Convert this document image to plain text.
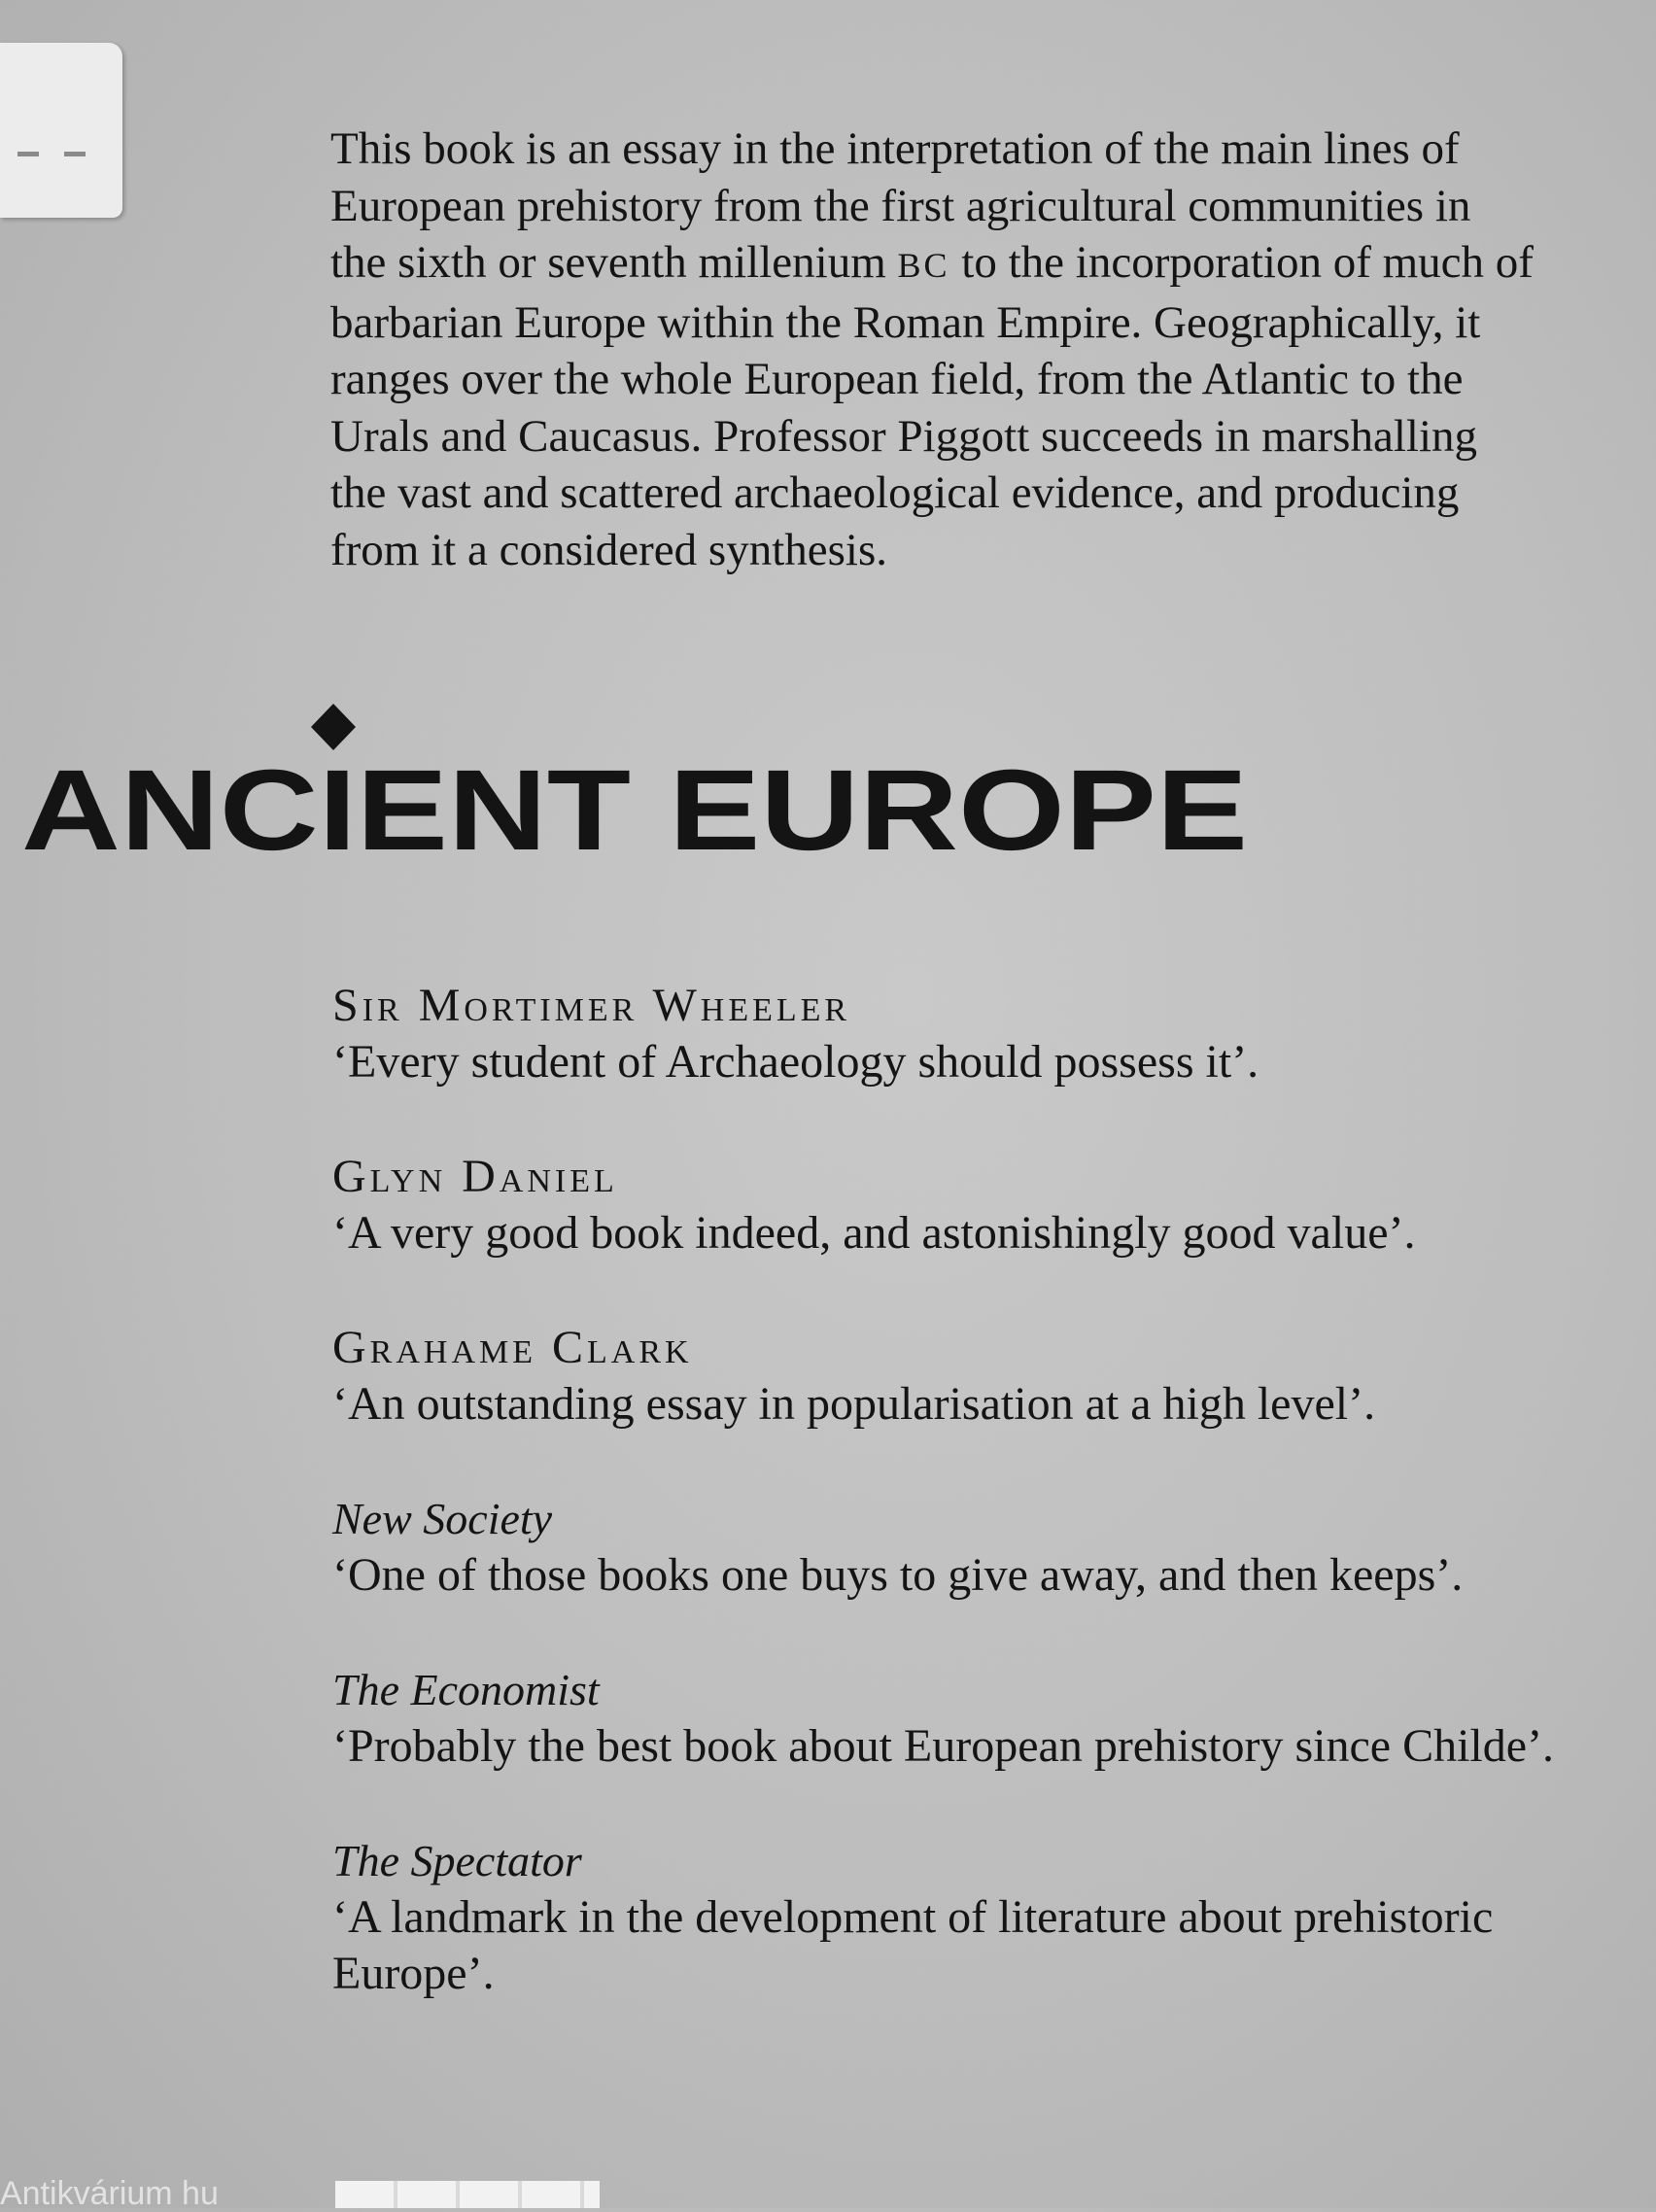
This book is an essay in the interpretation of the main lines of European prehistory from the first agricultural communities in the sixth or seventh millenium BC to the incorporation of much of barbarian Europe within the Roman Empire. Geographically, it ranges over the whole European field, from the Atlantic to the Urals and Caucasus. Professor Piggott succeeds in marshalling the vast and scattered archaeological evidence, and producing from it a considered synthesis.

ANCIENT EUROPE
Sir Mortimer Wheeler
‘Every student of Archaeology should possess it’.
Glyn Daniel
‘A very good book indeed, and astonishingly good value’.
Grahame Clark
‘An outstanding essay in popularisation at a high level’.
New Society
‘One of those books one buys to give away, and then keeps’.
The Economist
‘Probably the best book about European prehistory since Childe’.
The Spectator
‘A landmark in the development of literature about prehistoric Europe’.
Antikvárium hu
